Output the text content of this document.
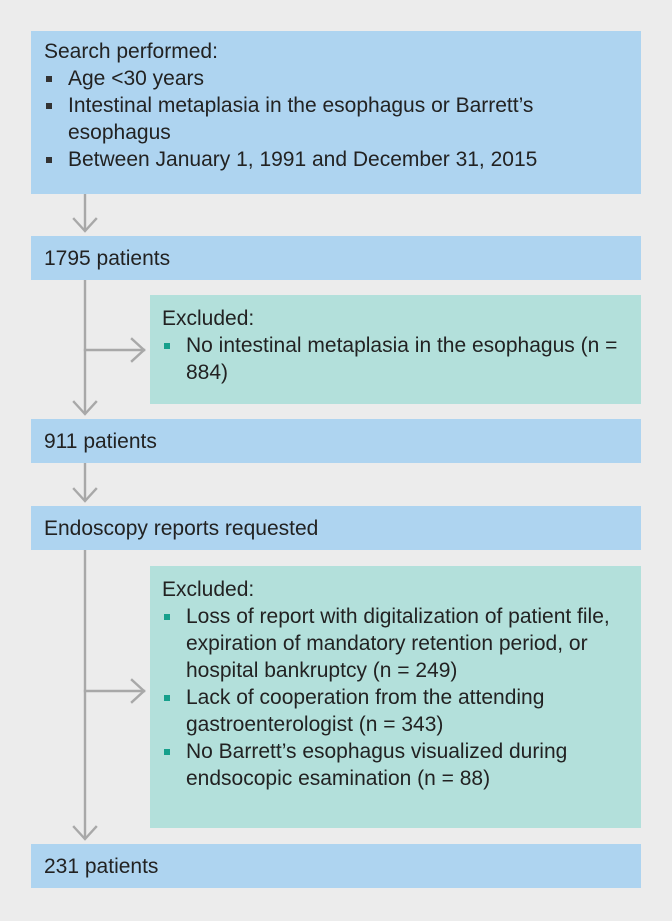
Search performed:
Age <30 years
Intestinal metaplasia in the esophagus or Barrett’s esophagus
Between January 1, 1991 and December 31, 2015
1795 patients
Excluded:
No intestinal metaplasia in the esophagus (n = 884)
911 patients
Endoscopy reports requested
Excluded:
Loss of report with digitalization of patient file, expiration of mandatory retention period, or hospital bankruptcy (n = 249)
Lack of cooperation from the attending gastroenterologist (n = 343)
No Barrett’s esophagus visualized during endsocopic esamination (n = 88)
231 patients
